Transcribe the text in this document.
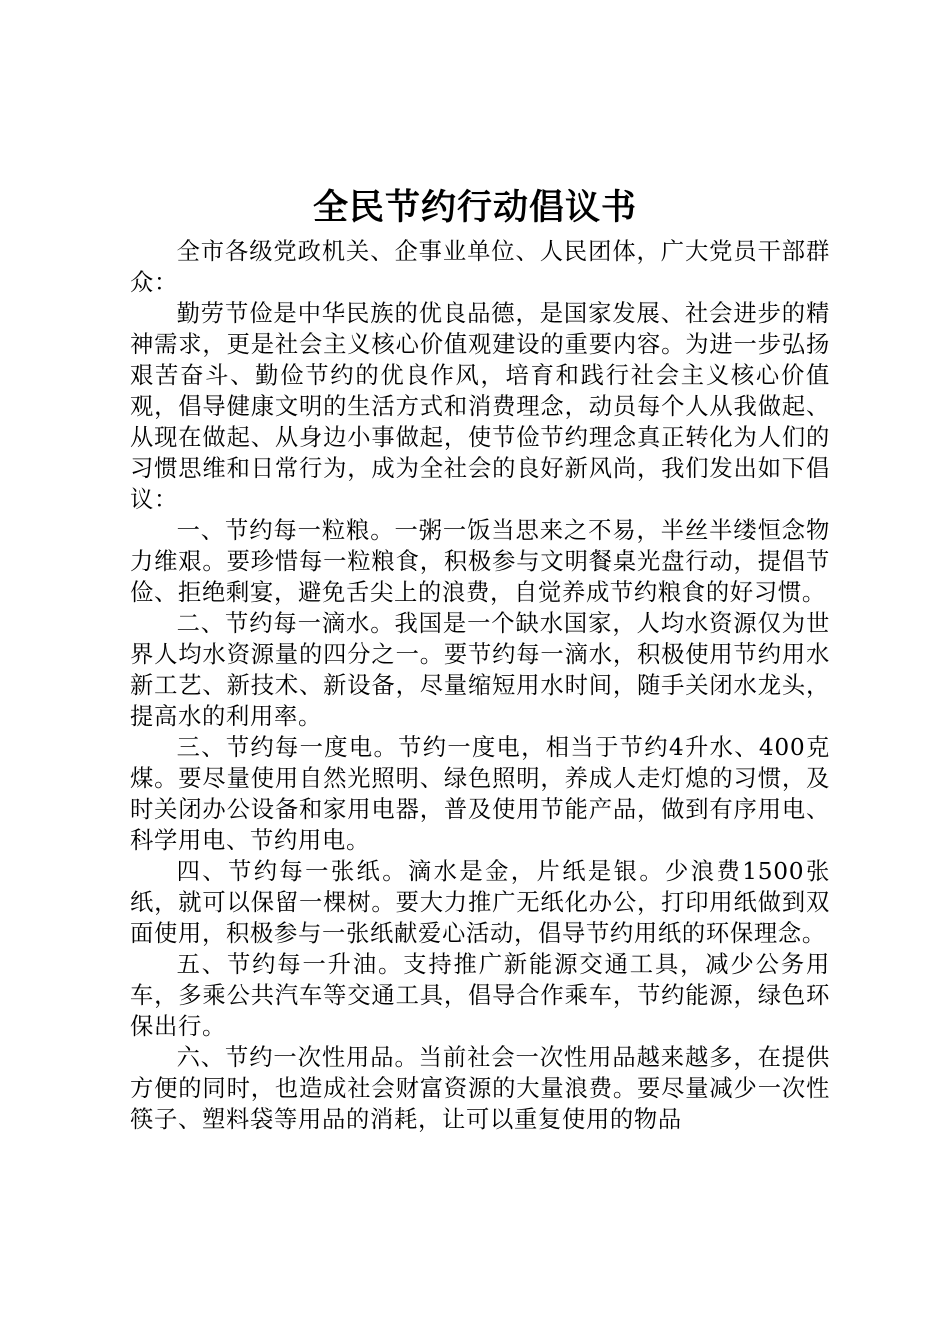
全民节约行动倡议书

全市各级党政机关、企事业单位、人民团体，广大党员干部群众：

勤劳节俭是中华民族的优良品德，是国家发展、社会进步的精神需求，更是社会主义核心价值观建设的重要内容。为进一步弘扬艰苦奋斗、勤俭节约的优良作风，培育和践行社会主义核心价值观，倡导健康文明的生活方式和消费理念，动员每个人从我做起、从现在做起、从身边小事做起，使节俭节约理念真正转化为人们的习惯思维和日常行为，成为全社会的良好新风尚，我们发出如下倡议：

一、节约每一粒粮。一粥一饭当思来之不易，半丝半缕恒念物力维艰。要珍惜每一粒粮食，积极参与文明餐桌光盘行动，提倡节俭、拒绝剩宴，避免舌尖上的浪费，自觉养成节约粮食的好习惯。

二、节约每一滴水。我国是一个缺水国家，人均水资源仅为世界人均水资源量的四分之一。要节约每一滴水，积极使用节约用水新工艺、新技术、新设备，尽量缩短用水时间，随手关闭水龙头，提高水的利用率。

三、节约每一度电。节约一度电，相当于节约4升水、400克煤。要尽量使用自然光照明、绿色照明，养成人走灯熄的习惯，及时关闭办公设备和家用电器，普及使用节能产品，做到有序用电、科学用电、节约用电。

四、节约每一张纸。滴水是金，片纸是银。少浪费1500张纸，就可以保留一棵树。要大力推广无纸化办公，打印用纸做到双面使用，积极参与一张纸献爱心活动，倡导节约用纸的环保理念。

五、节约每一升油。支持推广新能源交通工具，减少公务用车，多乘公共汽车等交通工具，倡导合作乘车，节约能源，绿色环保出行。

六、节约一次性用品。当前社会一次性用品越来越多，在提供方便的同时，也造成社会财富资源的大量浪费。要尽量减少一次性筷子、塑料袋等用品的消耗，让可以重复使用的物品
